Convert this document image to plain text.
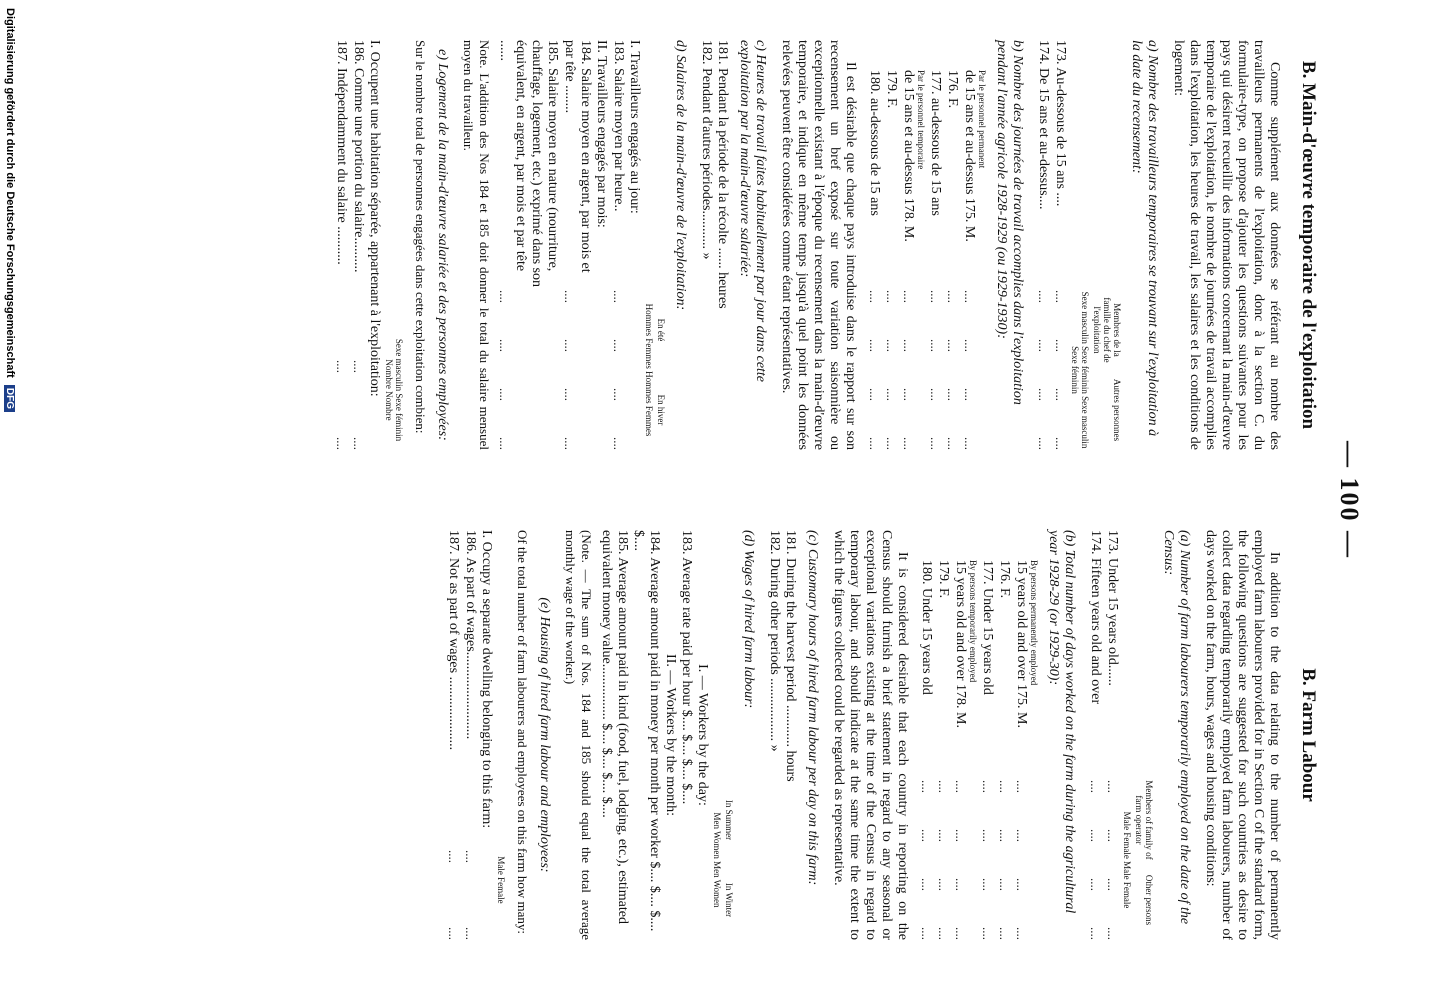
— 100 —
B. Farm Labour

In addition to the data relating to the number of permanently employed farm labourers provided for in Section C of the standard form, the following questions are suggested for such countries as desire to collect data regarding temporarily employed farm labourers, number of days worked on the farm, hours, wages and housing conditions:

(a) Number of farm labourers temporarily employed on the date of the Census:
Members of family of farm operator
Other persons
Male Female Male Female
173. Under 15 years old......
....
....
....
....
174. Fifteen years old and over
....
....
....
....
(b) Total number of days worked on the farm during the agricultural year 1928-29 (or 1929-30):
By persons permanently employed
15 years old and over 175. M.
....
....
....
....
176. F.
....
....
....
....
177. Under 15 years old
....
....
....
....
By persons temporarily employed
15 years old and over 178. M.
....
....
....
....
179. F.
....
....
....
....
180. Under 15 years old
....
....
....
....

It is considered desirable that each country in reporting on the Census should furnish a brief statement in regard to any seasonal or exceptional variations existing at the time of the Census in regard to temporary labour, and should indicate at the same time the extent to which the figures collected could be regarded as representative.

(c) Customary hours of hired farm labour per day on this farm:
181. During the harvest period ............ hours
182. During other periods .................. »
(d) Wages of hired farm labour:
In Summer
In Winter
Men Women Men Women
I. — Workers by the day:
183. Average rate paid per hour $.... $.... $.... $....
II. — Workers by the month:
184. Average amount paid in money per month per worker $.... $.... $.... $....
185. Average amount paid in kind (food, fuel, lodging, etc.), estimated equivalent money value................ $.... $.... $.... $....
(Note. — The sum of Nos. 184 and 185 should equal the total average monthly wage of the worker.)
(e) Housing of hired farm labour and employees:
Of the total number of farm labourers and employees on this farm how many:
Male Female
I. Occupy a separate dwelling belonging to this farm:
186. As part of wages.........................
....
....
187. Not as part of wages .....................
....
....
B. Main-d'œuvre temporaire de l'exploitation

Comme supplément aux données se référant au nombre des travailleurs permanents de l'exploitation, donc à la section C. du formulaire-type, on propose d'ajouter les questions suivantes pour les pays qui désirent recueillir des informations concernant la main-d'œuvre temporaire de l'exploitation, le nombre de journées de travail accomplies dans l'exploitation, les heures de travail, les salaires et les conditions de logement:

a) Nombre des travailleurs temporaires se trouvant sur l'exploitation à la date du recensement:
Membres de la famille du chef de l'exploitation
Autres personnes
Sexe masculin Sexe féminin Sexe masculin Sexe féminin
173. Au-dessous de 15 ans ....
....
....
....
....
174. De 15 ans et au-dessus....
....
....
....
....
b) Nombre des journées de travail accomplies dans l'exploitation pendant l'année agricole 1928-1929 (ou 1929-1930):
Par le personnel permanent
de 15 ans et au-dessus 175. M.
....
....
....
....
176. F.
....
....
....
....
177. au-dessous de 15 ans
....
....
....
....
Par le personnel temporaire
de 15 ans et au-dessus 178. M.
....
....
....
....
179. F.
....
....
....
....
180. au-dessous de 15 ans
....
....
....
....

Il est désirable que chaque pays introduise dans le rapport sur son recensement un bref exposé sur toute variation saisonnière ou exceptionnelle existant à l'époque du recensement dans la main-d'œuvre temporaire, et indique en même temps jusqu'à quel point les données relevées peuvent être considérées comme étant représentatives.

c) Heures de travail faites habituellement par jour dans cette exploitation par la main-d'œuvre salariée:
181. Pendant la période de la récolte ...... heures
182. Pendant d'autres périodes........... »
d) Salaires de la main-d'œuvre de l'exploitation:
En été
En hiver
Hommes Femmes Hommes Femmes
I. Travailleurs engagés au jour:
183. Salaire moyen par heure..
....
....
....
....
II. Travailleurs engagés par mois:
184. Salaire moyen en argent, par mois et par tête ........
....
....
....
....
185. Salaire moyen en nature (nourriture, chauffage, logement, etc.) exprimé dans son équivalent, en argent, par mois et par tête ......
....
....
....
....
Note. L'addition des Nos 184 et 185 doit donner le total du salaire mensuel moyen du travailleur.
e) Logement de la main-d'œuvre salariée et des personnes employées:
Sur le nombre total de personnes engagées dans cette exploitation combien:
Sexe masculin Sexe féminin Nombre Nombre
I. Occupent une habitation séparée, appartenant à l'exploitation:
186. Comme une portion du salaire..........
....
....
187. Indépendamment du salaire ...........
....
....
Digitalisierung gefördert durch die Deutsche Forschungsgemeinschaft DFG
